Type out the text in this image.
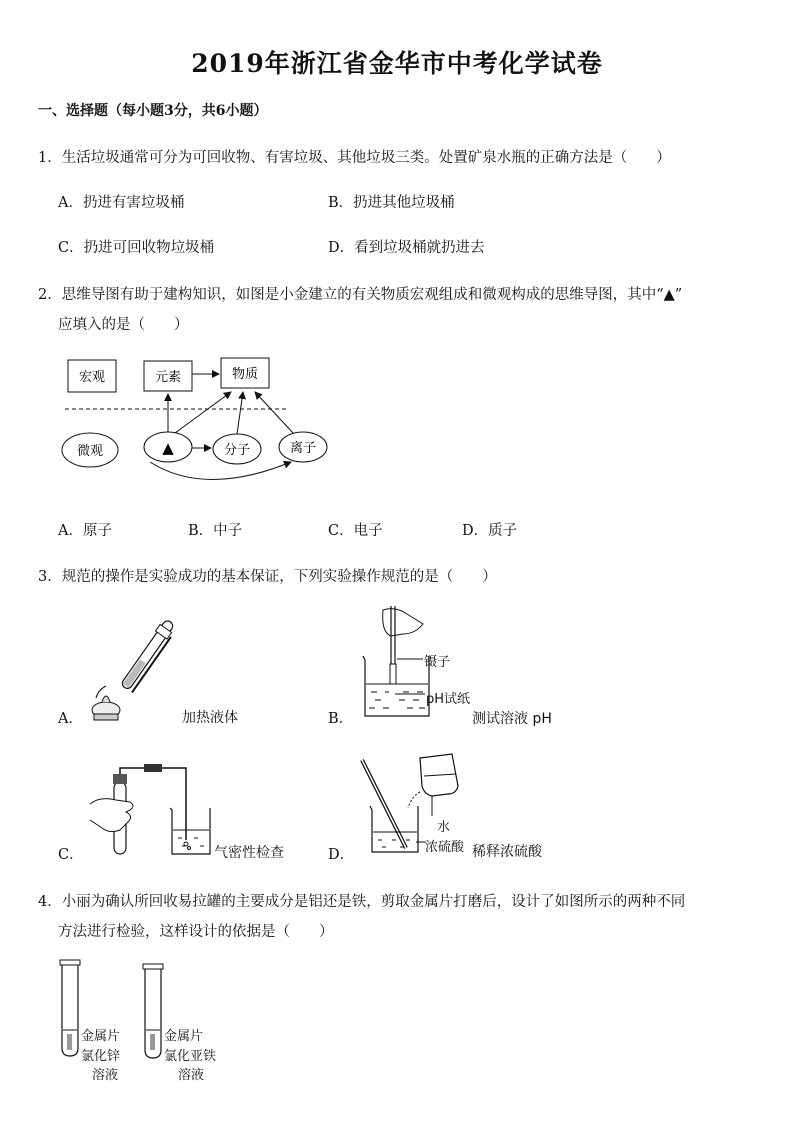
2019年浙江省金华市中考化学试卷
一、选择题（每小题3分，共6小题）
1．生活垃圾通常可分为可回收物、有害垃圾、其他垃圾三类。处置矿泉水瓶的正确方法是（　　）
A．扔进有害垃圾桶	B．扔进其他垃圾桶
C．扔进可回收物垃圾桶	D．看到垃圾桶就扔进去
2．思维导图有助于建构知识，如图是小金建立的有关物质宏观组成和微观构成的思维导图，其中“▲”
应填入的是（　　）
宏观	元素	物质
微观	▲	分子	离子
A．原子	B．中子	C．电子	D．质子
3．规范的操作是实验成功的基本保证，下列实验操作规范的是（　　）
A．	加热液体	B．
镊子
pH试纸
测试溶液 pH
C．	气密性检查	D．
水
浓硫酸 稀释浓硫酸
4．小丽为确认所回收易拉罐的主要成分是铝还是铁，剪取金属片打磨后，设计了如图所示的两种不同
方法进行检验，这样设计的依据是（　　）
金属片
氯化锌
溶液
金属片
氯化亚铁
溶液
